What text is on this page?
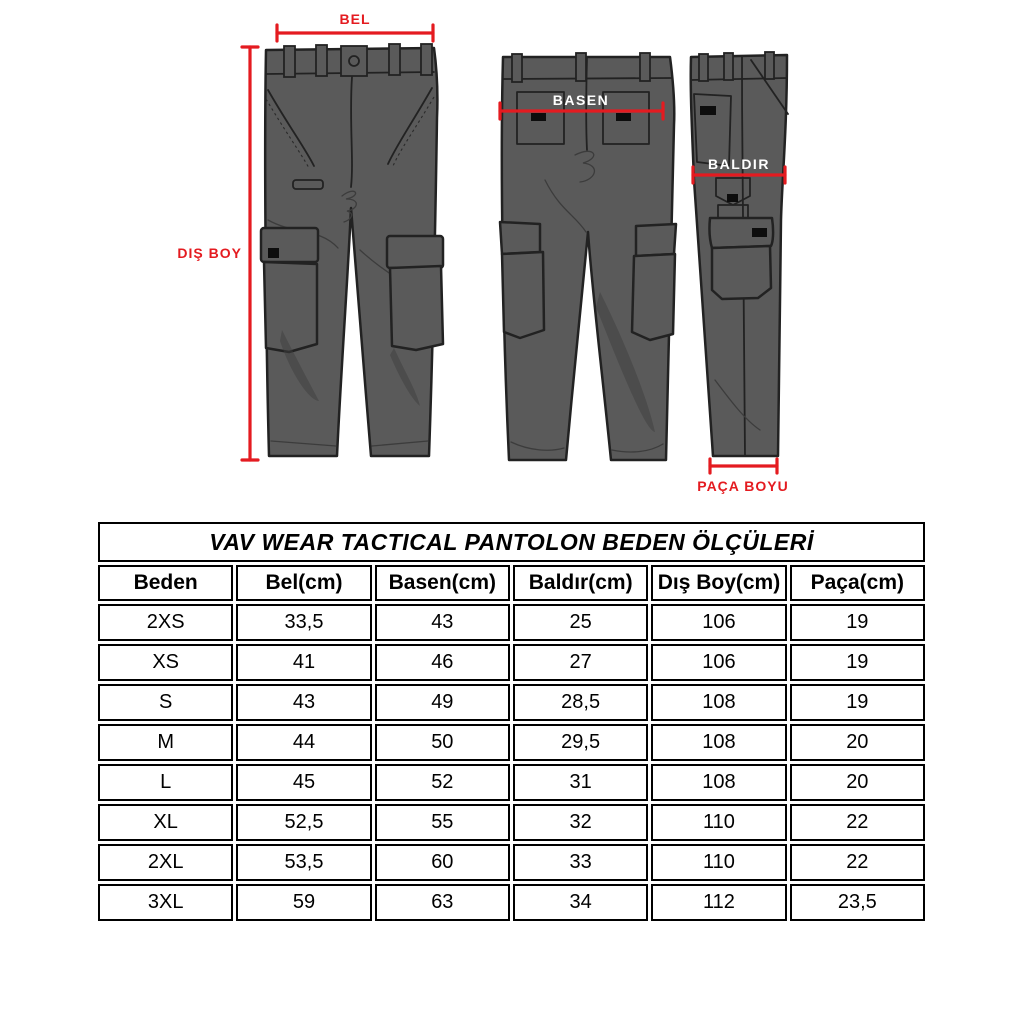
BEL
DIŞ BOY
BASEN
BALDIR
PAÇA BOYU
VAV WEAR TACTICAL PANTOLON BEDEN ÖLÇÜLERİ					
Beden	Bel(cm)	Basen(cm)	Baldır(cm)	Dış Boy(cm)	Paça(cm)
2XS	33,5	43	25	106	19
XS	41	46	27	106	19
S	43	49	28,5	108	19
M	44	50	29,5	108	20
L	45	52	31	108	20
XL	52,5	55	32	110	22
2XL	53,5	60	33	110	22
3XL	59	63	34	112	23,5
